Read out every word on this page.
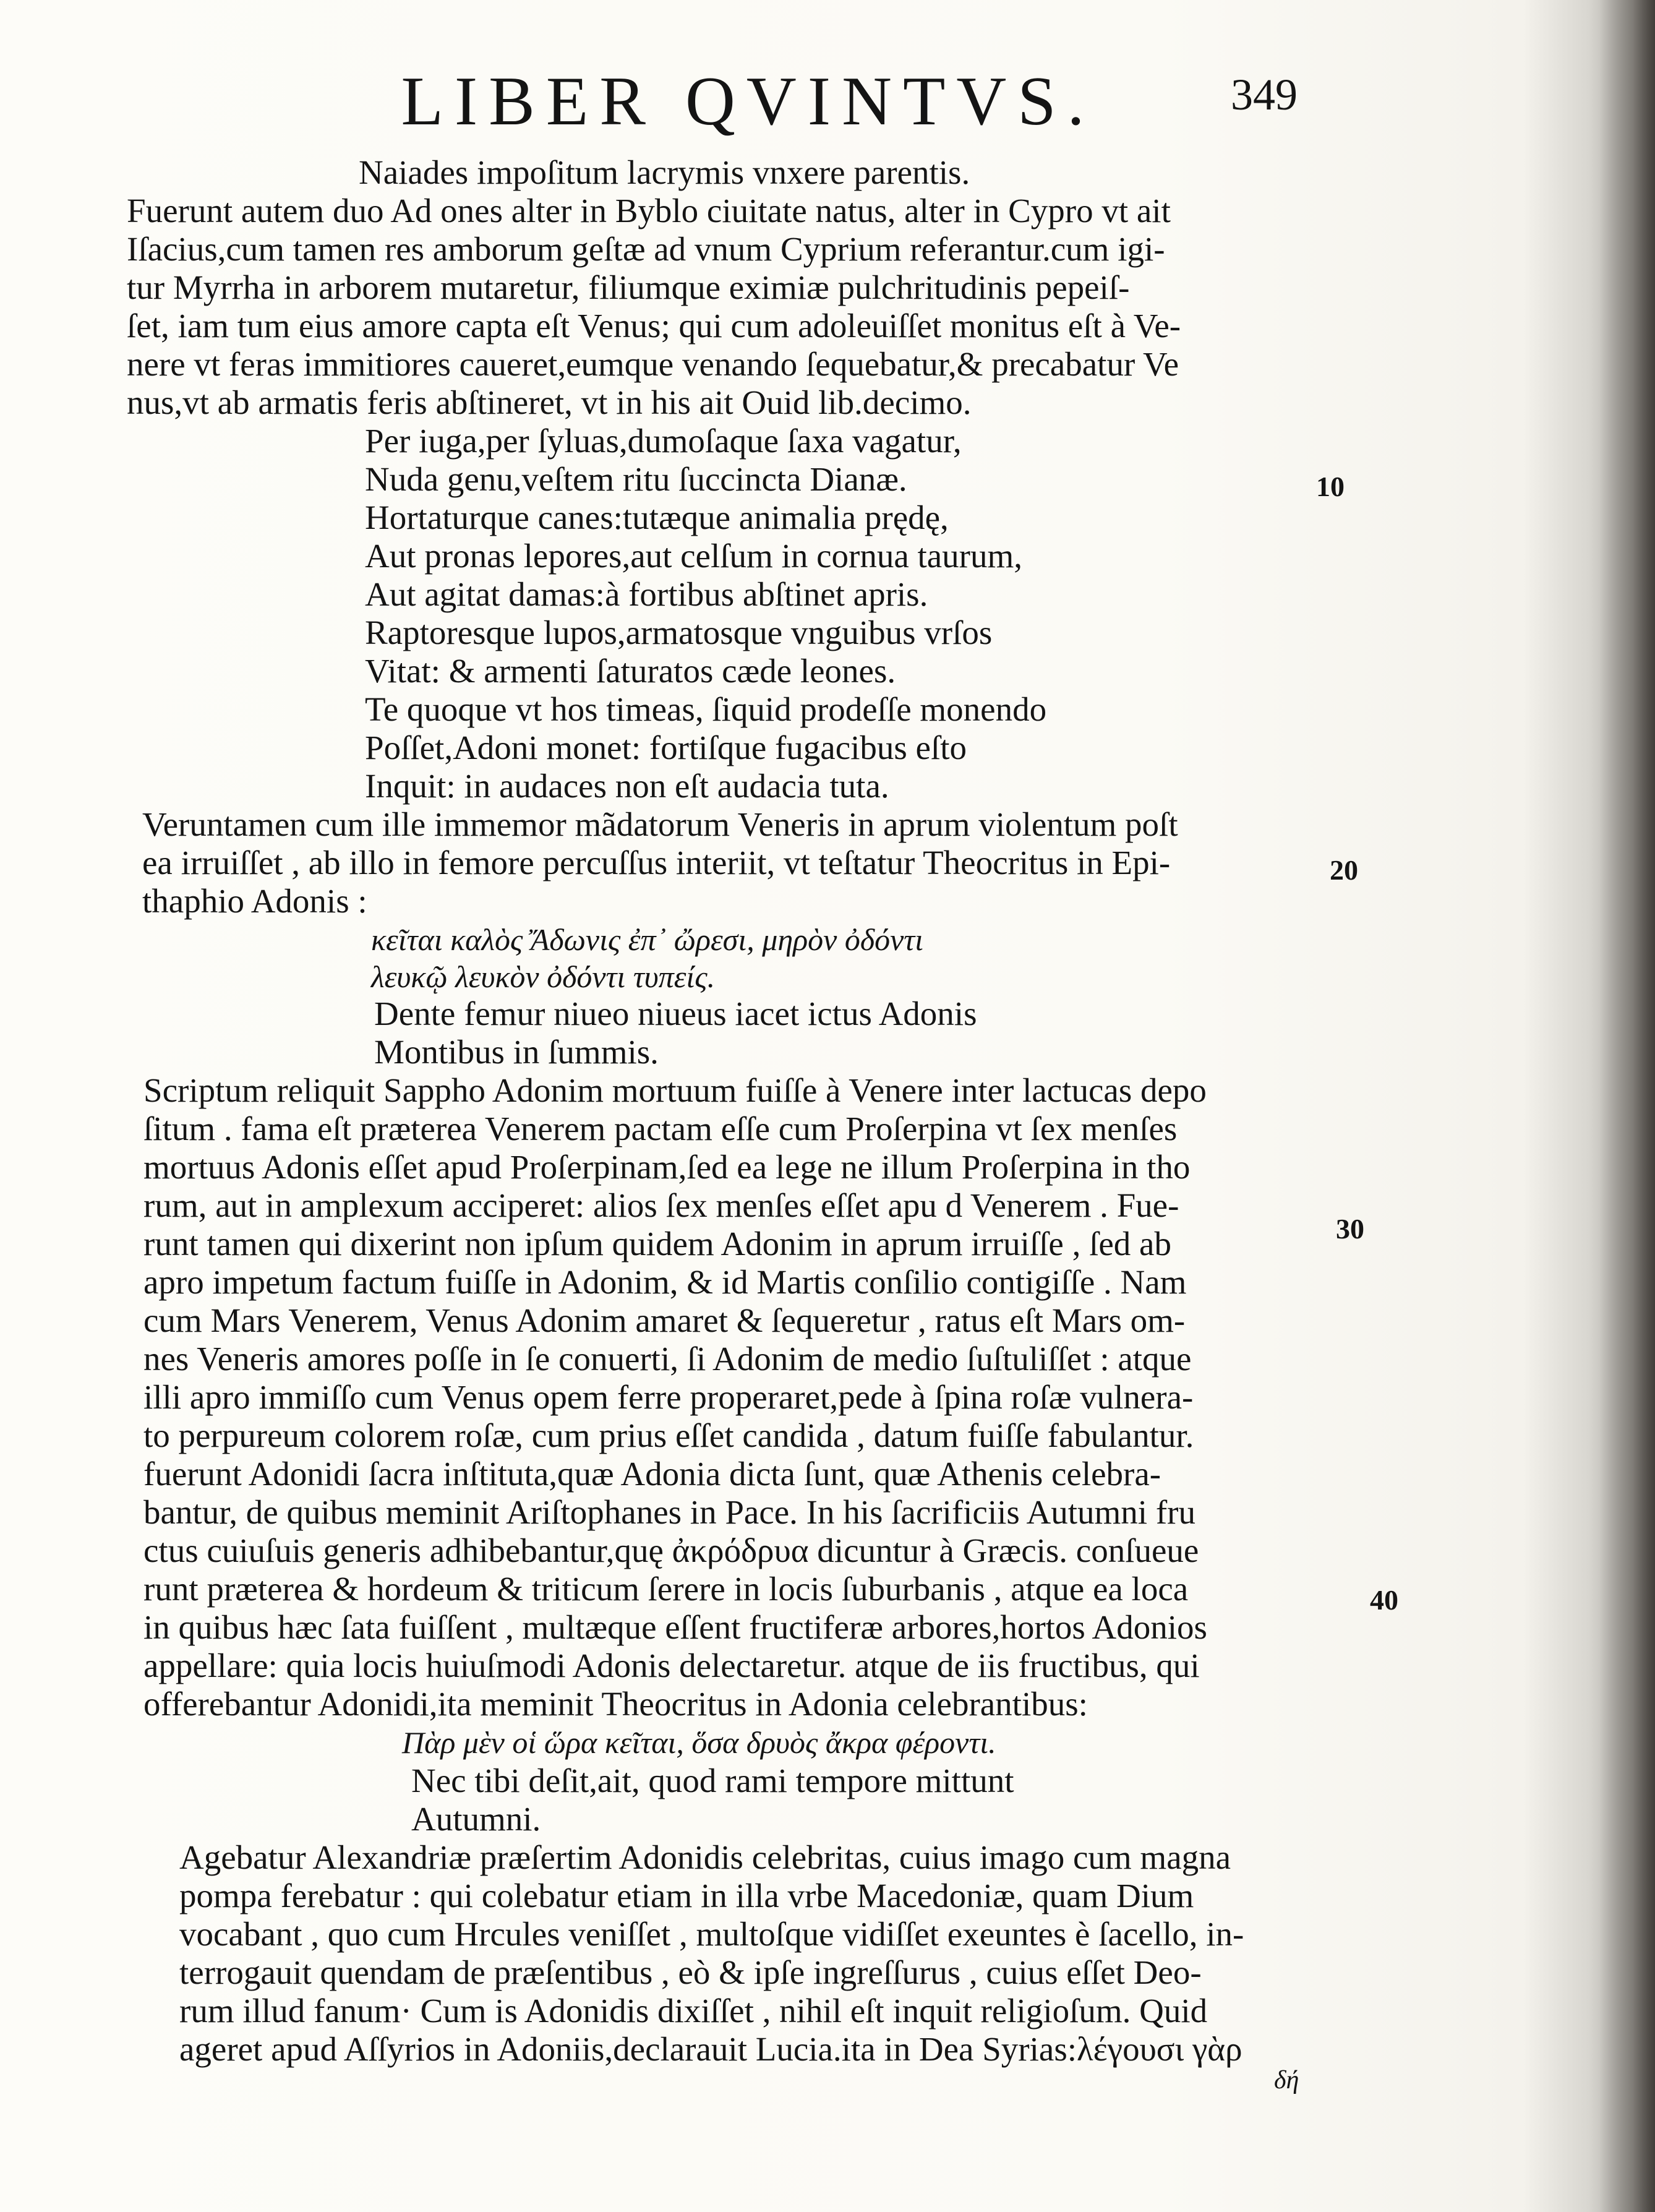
LIBER QVINTVS.	349
Naiades impoſitum lacrymis vnxere parentis.
Fuerunt autem duo Ad ones alter in Byblo ciuitate natus, alter in Cypro vt ait
Iſacius,cum tamen res amborum geſtæ ad vnum Cyprium referantur.cum igi-
tur Myrrha in arborem mutaretur, filiumque eximiæ pulchritudinis pepeiſ-
ſet, iam tum eius amore capta eſt Venus; qui cum adoleuiſſet monitus eſt à Ve-
nere vt feras immitiores caueret,eumque venando ſequebatur,& precabatur Ve
nus,vt ab armatis feris abſtineret, vt in his ait Ouid lib.decimo.
Per iuga,per ſyluas,dumoſaque ſaxa vagatur,
Nuda genu,veſtem ritu ſuccincta Dianæ.
Hortaturque canes:tutæque animalia prędę,
Aut pronas lepores,aut celſum in cornua taurum,
Aut agitat damas:à fortibus abſtinet apris.
Raptoresque lupos,armatosque vnguibus vrſos
Vitat: & armenti ſaturatos cæde leones.
Te quoque vt hos timeas, ſiquid prodeſſe monendo
Poſſet,Adoni monet: fortiſque fugacibus eſto
Inquit: in audaces non eſt audacia tuta.
Veruntamen cum ille immemor mãdatorum Veneris in aprum violentum poſt
ea irruiſſet , ab illo in femore percuſſus interiit, vt teſtatur Theocritus in Epi-
thaphio Adonis :
κεῖται καλὸς Ἄδωνις ἐπ᾽ ὤρεσι, μηρὸν ὀδόντι
λευκῷ λευκὸν ὀδόντι τυπείς.
Dente femur niueo niueus iacet ictus Adonis
Montibus in ſummis.
Scriptum reliquit Sappho Adonim mortuum fuiſſe à Venere inter lactucas depo
ſitum . fama eſt præterea Venerem pactam eſſe cum Proſerpina vt ſex menſes
mortuus Adonis eſſet apud Proſerpinam,ſed ea lege ne illum Proſerpina in tho
rum, aut in amplexum acciperet: alios ſex menſes eſſet apu d Venerem . Fue-
runt tamen qui dixerint non ipſum quidem Adonim in aprum irruiſſe , ſed ab
apro impetum factum fuiſſe in Adonim, & id Martis conſilio contigiſſe . Nam
cum Mars Venerem, Venus Adonim amaret & ſequeretur , ratus eſt Mars om-
nes Veneris amores poſſe in ſe conuerti, ſi Adonim de medio ſuſtuliſſet : atque
illi apro immiſſo cum Venus opem ferre properaret,pede à ſpina roſæ vulnera-
to perpureum colorem roſæ, cum prius eſſet candida , datum fuiſſe fabulantur.
fuerunt Adonidi ſacra inſtituta,quæ Adonia dicta ſunt, quæ Athenis celebra-
bantur, de quibus meminit Ariſtophanes in Pace. In his ſacrificiis Autumni fru
ctus cuiuſuis generis adhibebantur,quę ἀκρόδρυα dicuntur à Græcis. conſueue
runt præterea & hordeum & triticum ſerere in locis ſuburbanis , atque ea loca
in quibus hæc ſata fuiſſent , multæque eſſent fructiferæ arbores,hortos Adonios
appellare: quia locis huiuſmodi Adonis delectaretur. atque de iis fructibus, qui
offerebantur Adonidi,ita meminit Theocritus in Adonia celebrantibus:
Πὰρ μὲν οἱ ὥρα κεῖται, ὅσα δρυὸς ἄκρα φέροντι.
Nec tibi deſit,ait, quod rami tempore mittunt
Autumni.
Agebatur Alexandriæ præſertim Adonidis celebritas, cuius imago cum magna
pompa ferebatur : qui colebatur etiam in illa vrbe Macedoniæ, quam Dium
vocabant , quo cum Hrcules veniſſet , multoſque vidiſſet exeuntes è ſacello, in-
terrogauit quendam de præſentibus , eò & ipſe ingreſſurus , cuius eſſet Deo-
rum illud fanum· Cum is Adonidis dixiſſet , nihil eſt inquit religioſum. Quid
ageret apud Aſſyrios in Adoniis,declarauit Lucia.ita in Dea Syrias:λέγουσι γὰρ
δή
10
20
30
40
